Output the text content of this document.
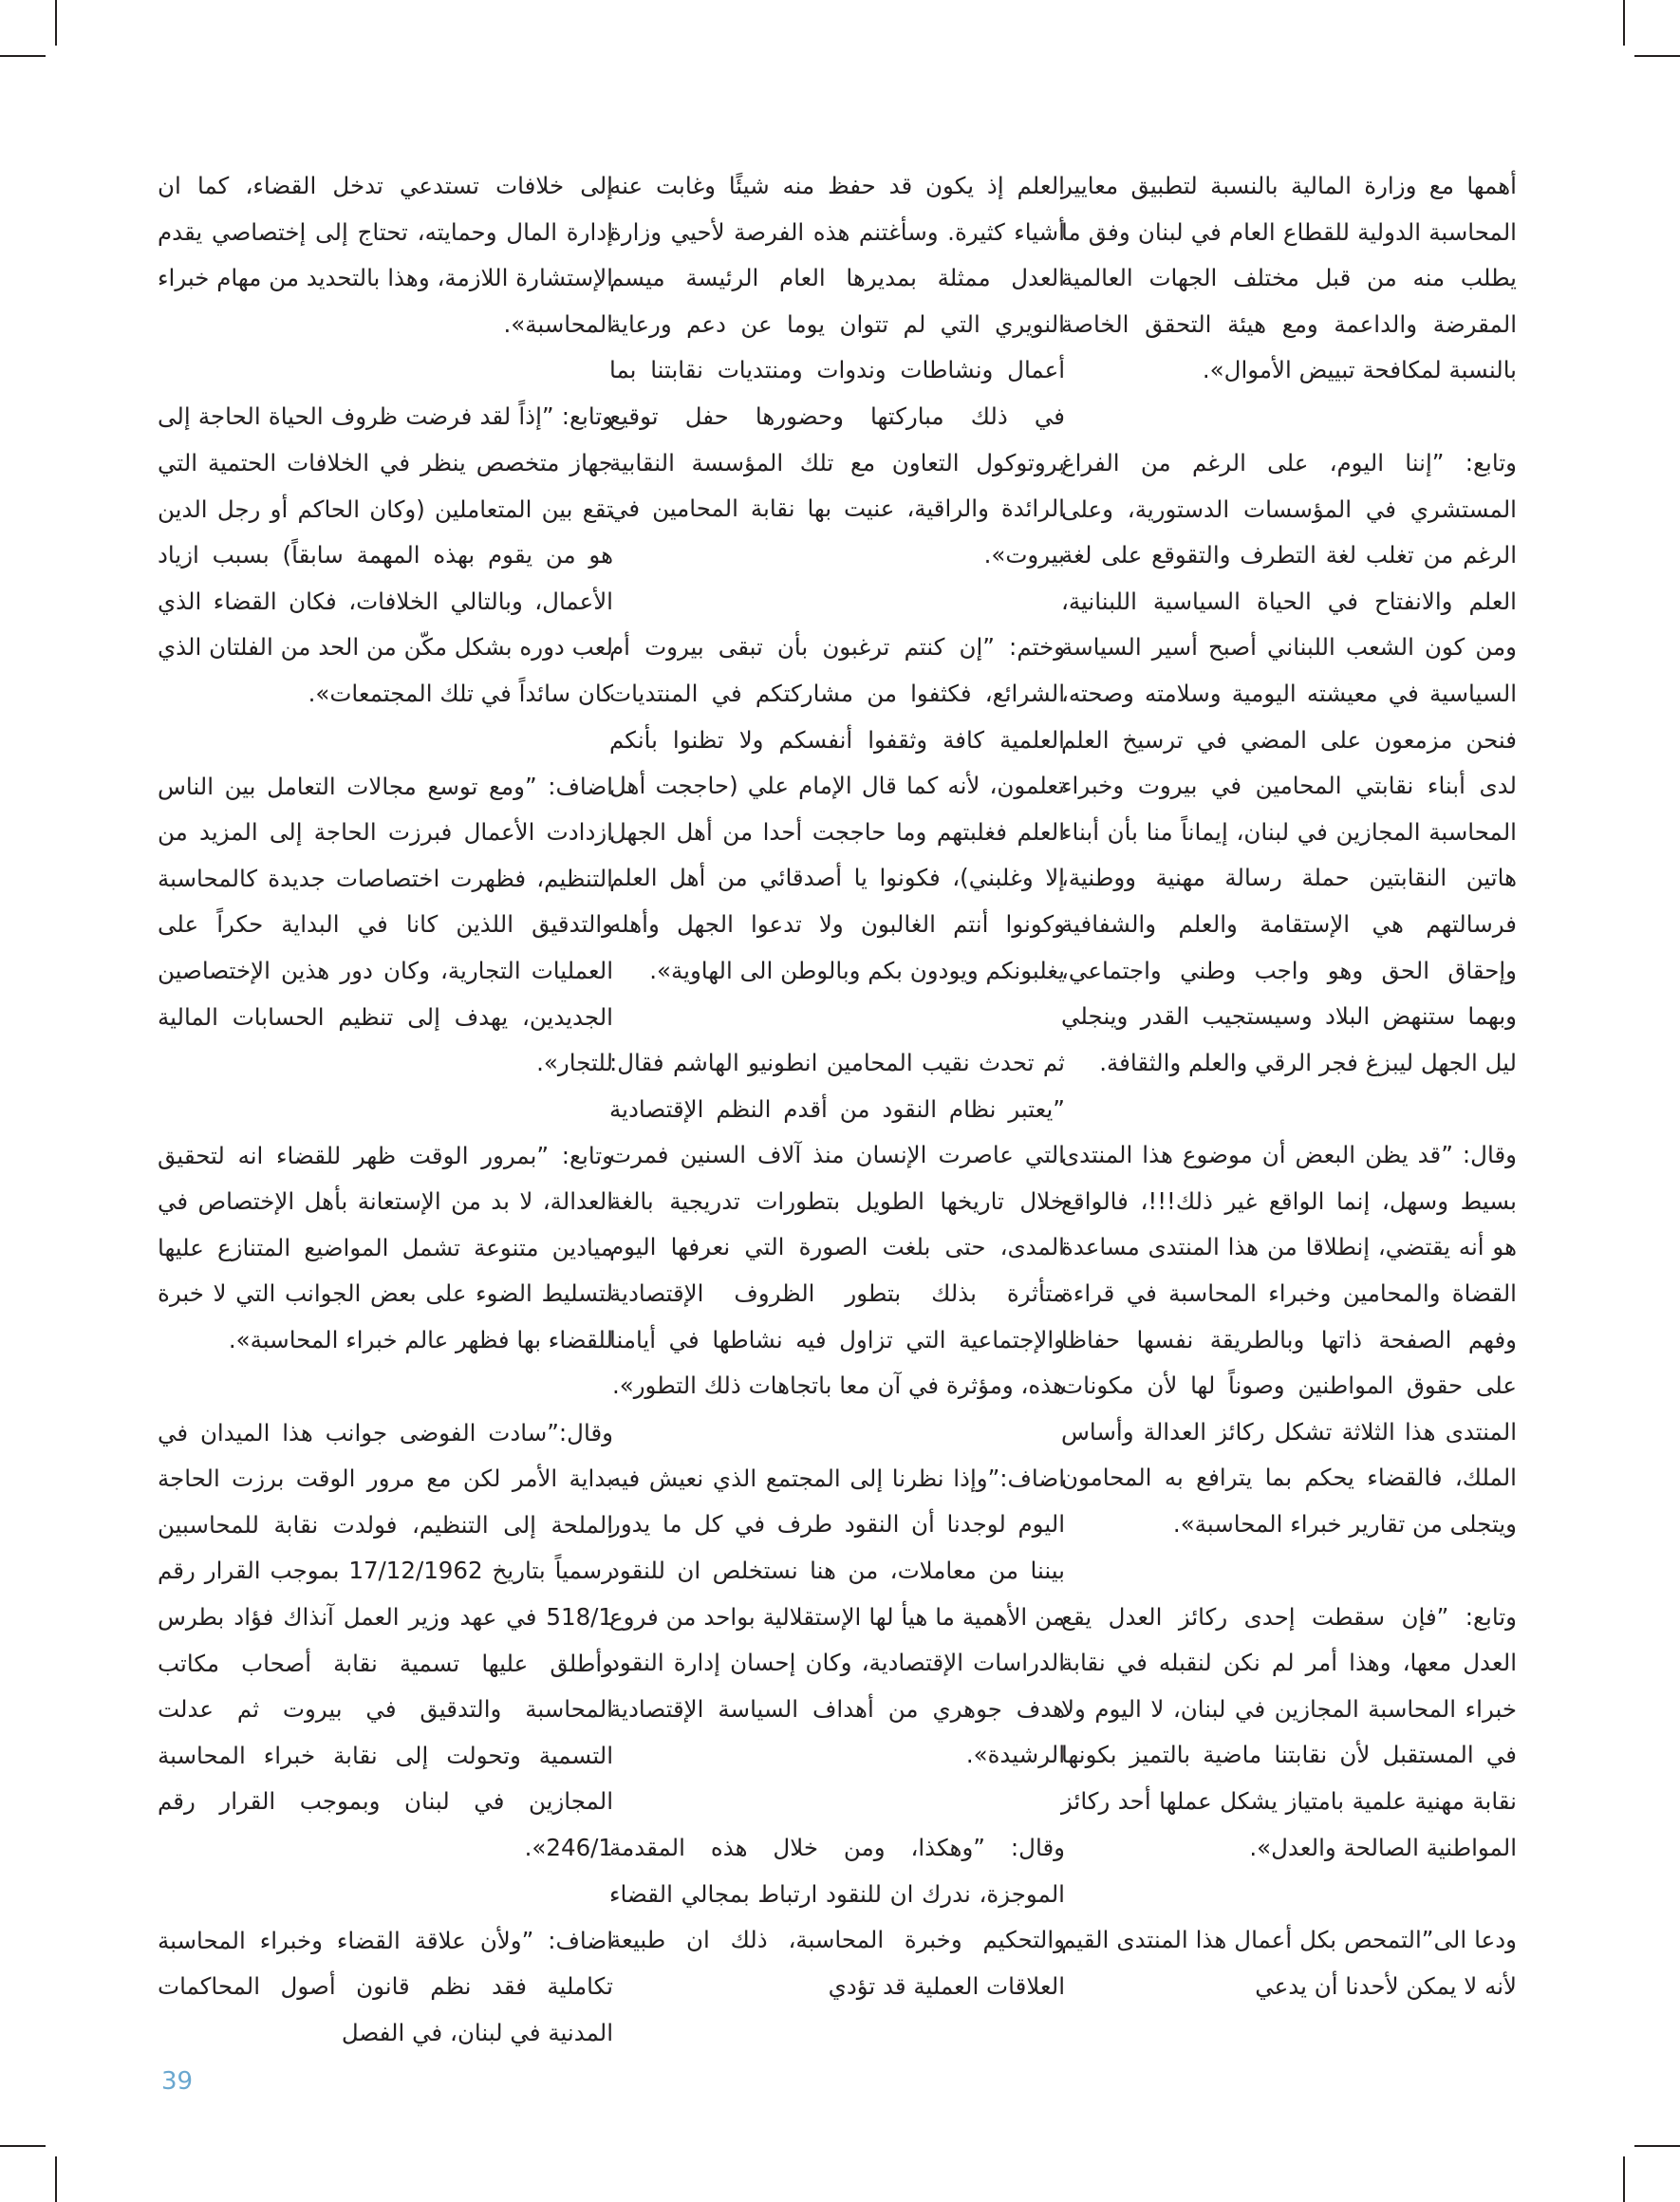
أهمها مع وزارة المالية بالنسبة لتطبيق معايير المحاسبة الدولية للقطاع العام في لبنان وفق ما يطلب منه من قبل مختلف الجهات العالمية المقرضة والداعمة ومع هيئة التحقق الخاصة بالنسبة لمكافحة تبييض الأموال».

وتابع: ”إننا اليوم، على الرغم من الفراغ المستشري في المؤسسات الدستورية، وعلى الرغم من تغلب لغة التطرف والتقوقع على لغة العلم والانفتاح في الحياة السياسية اللبنانية، ومن كون الشعب اللبناني أصبح أسير السياسة السياسية في معيشته اليومية وسلامته وصحته، فنحن مزمعون على المضي في ترسيخ العلم لدى أبناء نقابتي المحامين في بيروت وخبراء المحاسبة المجازين في لبنان، إيماناً منا بأن أبناء هاتين النقابتين حملة رسالة مهنية ووطنية، فرسالتهم هي الإستقامة والعلم والشفافية وإحقاق الحق وهو واجب وطني واجتماعي، وبهما ستنهض البلاد وسيستجيب القدر وينجلي ليل الجهل ليبزغ فجر الرقي والعلم والثقافة.

وقال: ”قد يظن البعض أن موضوع هذا المنتدى بسيط وسهل، إنما الواقع غير ذلك!!!، فالواقع هو أنه يقتضي، إنطلاقا من هذا المنتدى مساعدة القضاة والمحامين وخبراء المحاسبة في قراءة وفهم الصفحة ذاتها وبالطريقة نفسها حفاظا على حقوق المواطنين وصوناً لها لأن مكونات المنتدى هذا الثلاثة تشكل ركائز العدالة وأساس الملك، فالقضاء يحكم بما يترافع به المحامون ويتجلى من تقارير خبراء المحاسبة».

وتابع: ”فإن سقطت إحدى ركائز العدل يقع العدل معها، وهذا أمر لم نكن لنقبله في نقابة خبراء المحاسبة المجازين في لبنان، لا اليوم ولا في المستقبل لأن نقابتنا ماضية بالتميز بكونها نقابة مهنية علمية بامتياز يشكل عملها أحد ركائز المواطنية الصالحة والعدل».

ودعا الى”التمحص بكل أعمال هذا المنتدى القيم لأنه لا يمكن لأحدنا أن يدعي

العلم إذ يكون قد حفظ منه شيئًا وغابت عنه أشياء كثيرة. وسأغتنم هذه الفرصة لأحيي وزارة العدل ممثلة بمديرها العام الرئيسة ميسم النويري التي لم تتوان يوما عن دعم ورعاية أعمال ونشاطات وندوات ومنتديات نقابتنا بما في ذلك مباركتها وحضورها حفل توقيع بروتوكول التعاون مع تلك المؤسسة النقابية الرائدة والراقية، عنيت بها نقابة المحامين في بيروت».

وختم: ”إن كنتم ترغبون بأن تبقى بيروت أم الشرائع، فكثفوا من مشاركتكم في المنتديات العلمية كافة وثقفوا أنفسكم ولا تظنوا بأنكم تعلمون، لأنه كما قال الإمام علي (حاججت أهل العلم فغلبتهم وما حاججت أحدا من أهل الجهل إلا وغلبني)، فكونوا يا أصدقائي من أهل العلم وكونوا أنتم الغالبون ولا تدعوا الجهل وأهله يغلبونكم ويودون بكم وبالوطن الى الهاوية».

ثم تحدث نقيب المحامين انطونيو الهاشم فقال: ”يعتبر نظام النقود من أقدم النظم الإقتصادية التي عاصرت الإنسان منذ آلاف السنين فمرت خلال تاريخها الطويل بتطورات تدريجية بالغة المدى، حتى بلغت الصورة التي نعرفها اليوم متأثرة بذلك بتطور الظروف الإقتصادية والإجتماعية التي تزاول فيه نشاطها في أيامنا هذه، ومؤثرة في آن معا باتجاهات ذلك التطور».

اضاف:”وإذا نظرنا إلى المجتمع الذي نعيش فيه اليوم لوجدنا أن النقود طرف في كل ما يدور بيننا من معاملات، من هنا نستخلص ان للنقود من الأهمية ما هيأ لها الإستقلالية بواحد من فروع الدراسات الإقتصادية، وكان إحسان إدارة النقود هدف جوهري من أهداف السياسة الإقتصادية الرشيدة».

وقال: ”وهكذا، ومن خلال هذه المقدمة الموجزة، ندرك ان للنقود ارتباط بمجالي القضاء والتحكيم وخبرة المحاسبة، ذلك ان طبيعة العلاقات العملية قد تؤدي

إلى خلافات تستدعي تدخل القضاء، كما ان إدارة المال وحمايته، تحتاج إلى إختصاصي يقدم الإستشارة اللازمة، وهذا بالتحديد من مهام خبراء المحاسبة».

وتابع: ”إذاً لقد فرضت ظروف الحياة الحاجة إلى جهاز متخصص ينظر في الخلافات الحتمية التي تقع بين المتعاملين (وكان الحاكم أو رجل الدين هو من يقوم بهذه المهمة سابقاً) بسبب ازياد الأعمال، وبالتالي الخلافات، فكان القضاء الذي لعب دوره بشكل مكّن من الحد من الفلتان الذي كان سائداً في تلك المجتمعات».

اضاف: ”ومع توسع مجالات التعامل بين الناس ازدادت الأعمال فبرزت الحاجة إلى المزيد من التنظيم، فظهرت اختصاصات جديدة كالمحاسبة والتدقيق اللذين كانا في البداية حكراً على العمليات التجارية، وكان دور هذين الإختصاصين الجديدين، يهدف إلى تنظيم الحسابات المالية للتجار».

وتابع: ”بمرور الوقت ظهر للقضاء انه لتحقيق العدالة، لا بد من الإستعانة بأهل الإختصاص في ميادين متنوعة تشمل المواضيع المتنازع عليها لتسليط الضوء على بعض الجوانب التي لا خبرة للقضاء بها فظهر عالم خبراء المحاسبة».

وقال:”سادت الفوضى جوانب هذا الميدان في بداية الأمر لكن مع مرور الوقت برزت الحاجة الملحة إلى التنظيم، فولدت نقابة للمحاسبين رسمياً بتاريخ 17/12/1962 بموجب القرار رقم 518/1 في عهد وزير العمل آنذاك فؤاد بطرس وأطلق عليها تسمية نقابة أصحاب مكاتب المحاسبة والتدقيق في بيروت ثم عدلت التسمية وتحولت إلى نقابة خبراء المحاسبة المجازين في لبنان وبموجب القرار رقم 246/1».

اضاف: ”ولأن علاقة القضاء وخبراء المحاسبة تكاملية فقد نظم قانون أصول المحاكمات المدنية في لبنان، في الفصل

39
